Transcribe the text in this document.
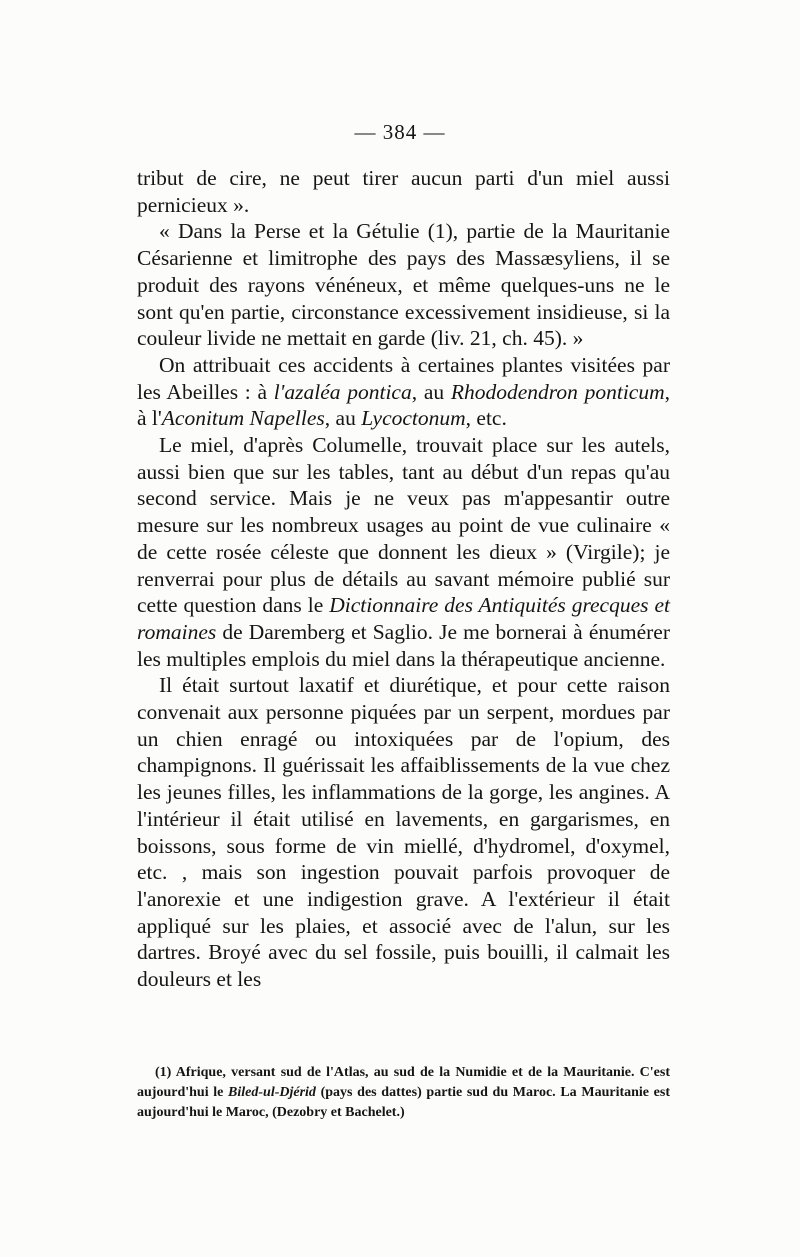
— 384 —

tribut de cire, ne peut tirer aucun parti d'un miel aussi pernicieux ».

« Dans la Perse et la Gétulie (1), partie de la Mauritanie Césarienne et limitrophe des pays des Massæsyliens, il se produit des rayons vénéneux, et même quelques-uns ne le sont qu'en partie, circonstance excessivement insidieuse, si la couleur livide ne mettait en garde (liv. 21, ch. 45). »

On attribuait ces accidents à certaines plantes visitées par les Abeilles : à l'azaléa pontica, au Rhododendron ponticum, à l'Aconitum Napelles, au Lycoctonum, etc.

Le miel, d'après Columelle, trouvait place sur les autels, aussi bien que sur les tables, tant au début d'un repas qu'au second service. Mais je ne veux pas m'appesantir outre mesure sur les nombreux usages au point de vue culinaire « de cette rosée céleste que donnent les dieux » (Virgile); je renverrai pour plus de détails au savant mémoire publié sur cette question dans le Dictionnaire des Antiquités grecques et romaines de Daremberg et Saglio. Je me bornerai à énumérer les multiples emplois du miel dans la thérapeutique ancienne.

Il était surtout laxatif et diurétique, et pour cette raison convenait aux personne piquées par un serpent, mordues par un chien enragé ou intoxiquées par de l'opium, des champignons. Il guérissait les affaiblissements de la vue chez les jeunes filles, les inflammations de la gorge, les angines. A l'intérieur il était utilisé en lavements, en gargarismes, en boissons, sous forme de vin miellé, d'hydromel, d'oxymel, etc. , mais son ingestion pouvait parfois provoquer de l'anorexie et une indigestion grave. A l'extérieur il était appliqué sur les plaies, et associé avec de l'alun, sur les dartres. Broyé avec du sel fossile, puis bouilli, il calmait les douleurs et les

(1) Afrique, versant sud de l'Atlas, au sud de la Numidie et de la Mauritanie. C'est aujourd'hui le Biled-ul-Djérid (pays des dattes) partie sud du Maroc. La Mauritanie est aujourd'hui le Maroc, (Dezobry et Bachelet.)
